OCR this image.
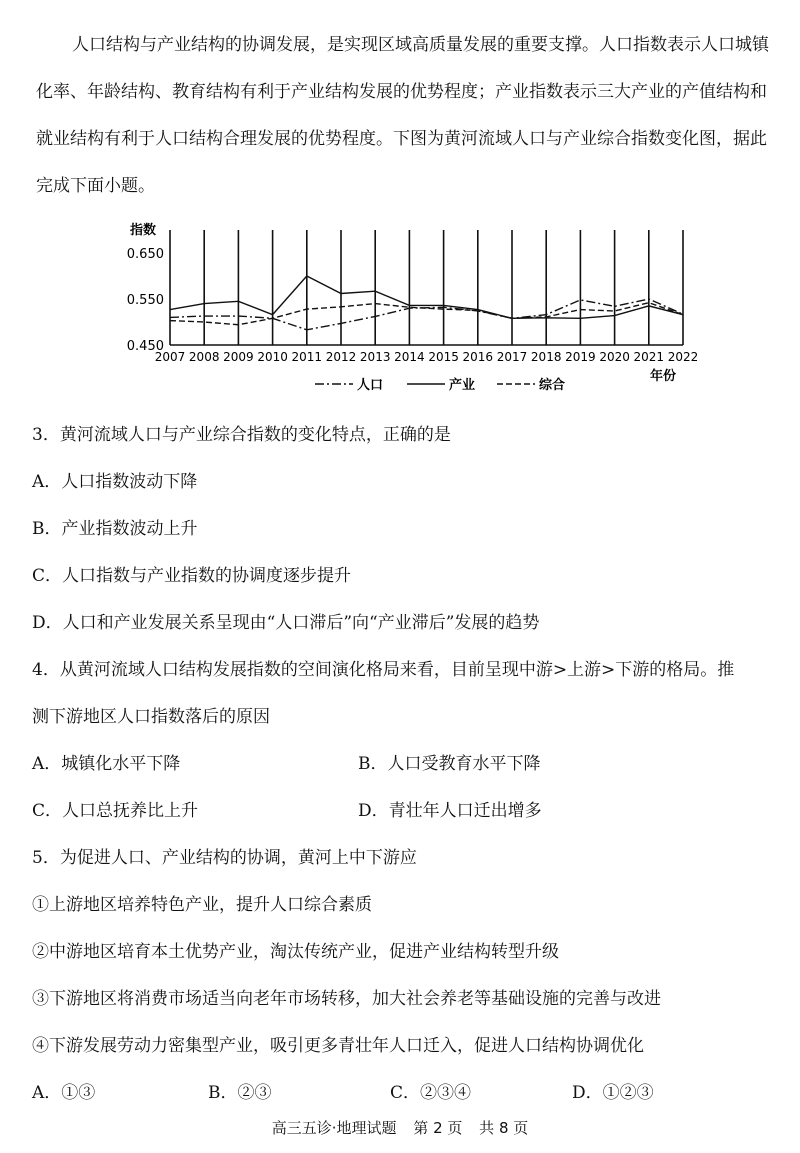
人口结构与产业结构的协调发展，是实现区域高质量发展的重要支撑。人口指数表示人口城镇化率、年龄结构、教育结构有利于产业结构发展的优势程度；产业指数表示三大产业的产值结构和就业结构有利于人口结构合理发展的优势程度。下图为黄河流域人口与产业综合指数变化图，据此完成下面小题。

指数
0.650
0.550
0.450
2007 2008 2009 2010 2011 2012 2013 2014 2015 2016 2017 2018 2019 2020 2021 2022
人口	产业	综合
年份
3．黄河流域人口与产业综合指数的变化特点，正确的是
A．人口指数波动下降
B．产业指数波动上升
C．人口指数与产业指数的协调度逐步提升
D．人口和产业发展关系呈现由“人口滞后”向“产业滞后”发展的趋势
4．从黄河流域人口结构发展指数的空间演化格局来看，目前呈现中游>上游>下游的格局。推
测下游地区人口指数落后的原因
A．城镇化水平下降	B．人口受教育水平下降
C．人口总抚养比上升	D．青壮年人口迁出增多
5．为促进人口、产业结构的协调，黄河上中下游应
①上游地区培养特色产业，提升人口综合素质
②中游地区培育本土优势产业，淘汰传统产业，促进产业结构转型升级
③下游地区将消费市场适当向老年市场转移，加大社会养老等基础设施的完善与改进
④下游发展劳动力密集型产业，吸引更多青壮年人口迁入，促进人口结构协调优化
A．①③	B．②③	C．②③④	D．①②③
高三五诊·地理试题 第 2 页 共 8 页
